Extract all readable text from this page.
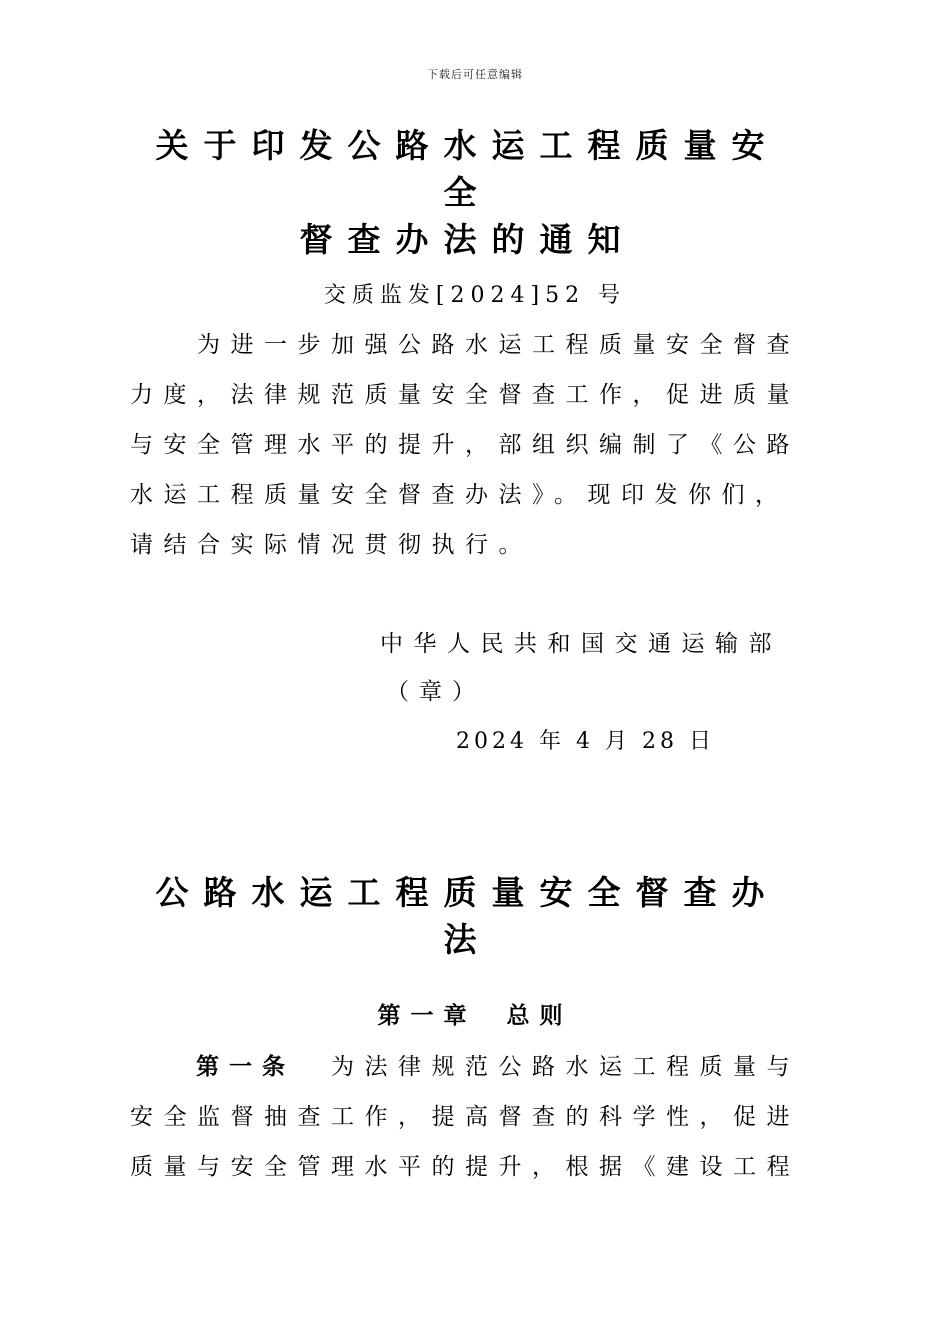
下载后可任意编辑
关于印发公路水运工程质量安
全
督查办法的通知
交质监发[2024]52 号
　　为进一步加强公路水运工程质量安全督查
力度，法律规范质量安全督查工作，促进质量
与安全管理水平的提升，部组织编制了《公路
水运工程质量安全督查办法》。现印发你们，
请结合实际情况贯彻执行。
中华人民共和国交通运输部
（章）
2024 年 4 月 28 日
公路水运工程质量安全督查办
法
第一章 总则
第一条 为法律规范公路水运工程质量与
安全监督抽查工作，提高督查的科学性，促进
质量与安全管理水平的提升，根据《建设工程
